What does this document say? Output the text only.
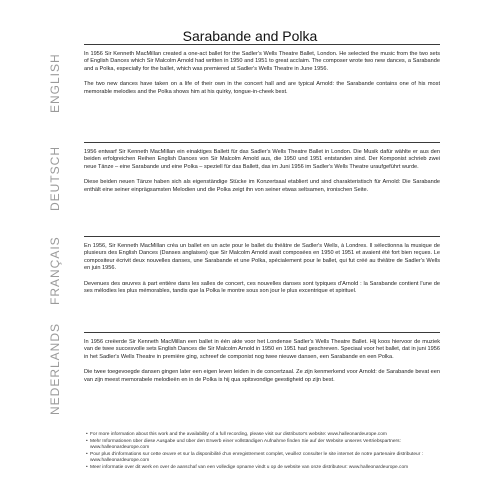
Sarabande and Polka
ENGLISH	In 1956 Sir Kenneth MacMillan created a one-act ballet for the Sadler's Wells Theatre Ballet, London. He selected the music from the two sets of English Dances which Sir Malcolm Arnold had written in 1950 and 1951 to great acclaim. The composer wrote two new dances, a Sarabande and a Polka, especially for the ballet, which was premiered at Sadler's Wells Theatre in June 1956.

The two new dances have taken on a life of their own in the concert hall and are typical Arnold: the Sarabande contains one of his most memorable melodies and the Polka shows him at his quirky, tongue-in-cheek best.

DEUTSCH	1956 entwarf Sir Kenneth MacMillan ein einaktiges Ballett für das Sadler's Wells Theatre Ballet in London. Die Musik dafür wählte er aus den beiden erfolgreichen Reihen English Dances von Sir Malcolm Arnold aus, die 1950 und 1951 entstanden sind. Der Komponist schrieb zwei neue Tänze – eine Sarabande und eine Polka – speziell für das Ballett, das im Juni 1956 im Sadler's Wells Theatre uraufgeführt wurde.

Diese beiden neuen Tänze haben sich als eigenständige Stücke im Konzertsaal etabliert und sind charakteristisch für Arnold: Die Sarabande enthält eine seiner einprägsamsten Melodien und die Polka zeigt ihn von seiner etwas seltsamen, ironischen Seite.

FRANÇAIS	En 1956, Sir Kenneth MacMillan créa un ballet en un acte pour le ballet du théâtre de Sadler's Wells, à Londres. Il sélectionna la musique de plusieurs des English Dances (Danses anglaises) que Sir Malcolm Arnold avait composées en 1950 et 1951 et avaient été fort bien reçues. Le compositeur écrivit deux nouvelles danses, une Sarabande et une Polka, spécialement pour le ballet, qui fut créé au théâtre de Sadler's Wells en juin 1956.

Devenues des œuvres à part entière dans les salles de concert, ces nouvelles danses sont typiques d'Arnold : la Sarabande contient l'une de ses mélodies les plus mémorables, tandis que la Polka le montre sous son jour le plus excentrique et spirituel.

NEDERLANDS	In 1956 creëerde Sir Kenneth MacMillan een ballet in één akte voor het Londense Sadler's Wells Theatre Ballet. Hij koos hiervoor de muziek van de twee succesvolle sets English Dances die Sir Malcolm Arnold in 1950 en 1951 had geschreven. Speciaal voor het ballet, dat in juni 1956 in het Sadler's Wells Theatre in première ging, schreef de componist nog twee nieuwe dansen, een Sarabande en een Polka.

Die twee toegevoegde dansen gingen later een eigen leven leiden in de concertzaal. Ze zijn kenmerkend voor Arnold: de Sarabande bevat een van zijn meest memorabele melodieën en in de Polka is hij qua spitsvondige geestigheid op zijn best.

• For more information about this work and the availability of a full recording, please visit our distributor's website: www.halleonardeurope.com
• Mehr Informationen über diese Ausgabe und über den Erwerb einer vollständigen Aufnahme finden Sie auf der Website unseres Vertriebspartners: www.halleonardeurope.com
• Pour plus d'informations sur cette œuvre et sur la disponibilité d'un enregistrement complet, veuillez consulter le site internet de notre partenaire distributeur : www.halleonardeurope.com
• Meer informatie over dit werk en over de aanschaf van een volledige opname vindt u op de website van onze distributeur: www.halleonardeurope.com
